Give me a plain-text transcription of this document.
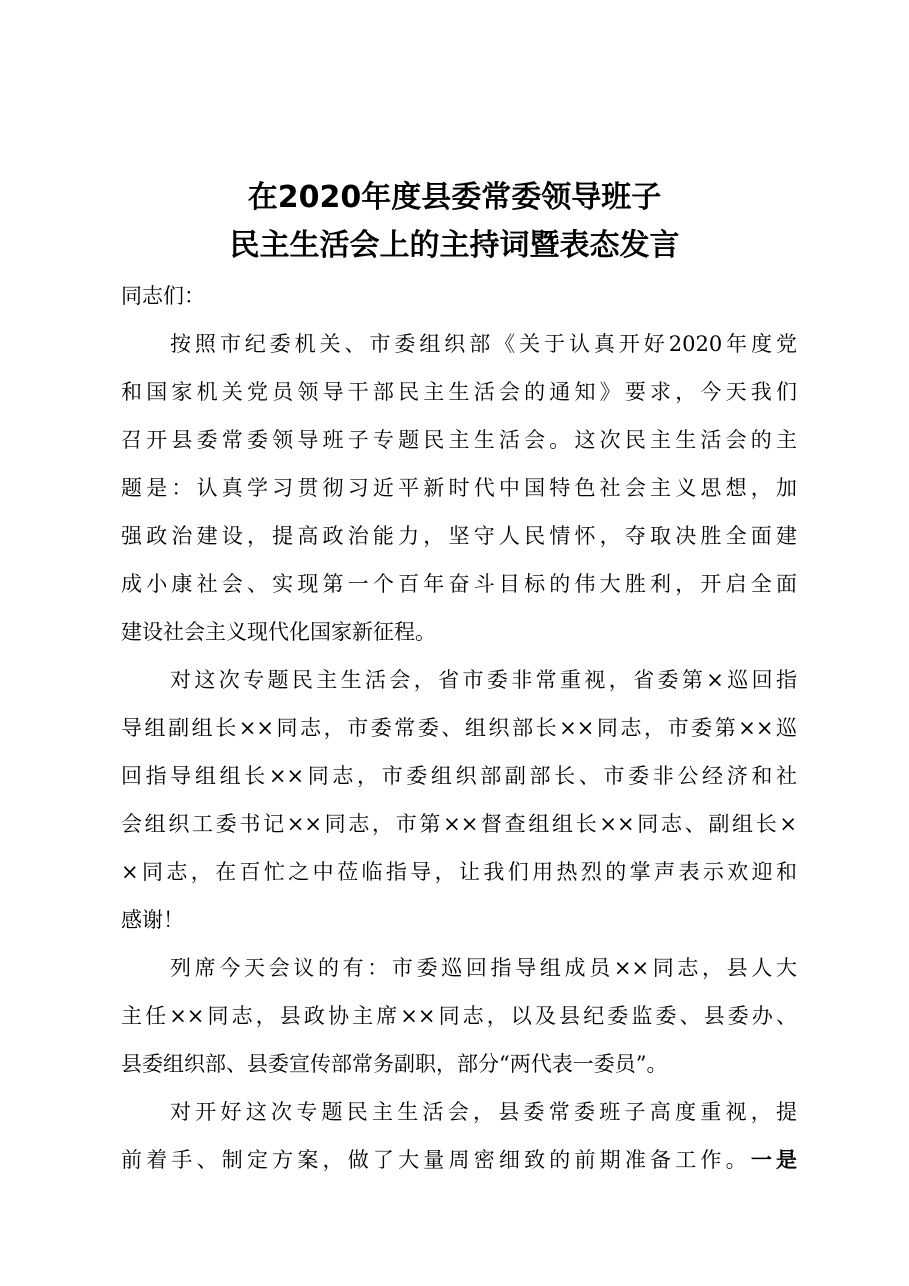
在2020年度县委常委领导班子
民主生活会上的主持词暨表态发言
同志们：
按照市纪委机关、市委组织部《关于认真开好2020年度党
和国家机关党员领导干部民主生活会的通知》要求，今天我们
召开县委常委领导班子专题民主生活会。这次民主生活会的主
题是：认真学习贯彻习近平新时代中国特色社会主义思想，加
强政治建设，提高政治能力，坚守人民情怀，夺取决胜全面建
成小康社会、实现第一个百年奋斗目标的伟大胜利，开启全面
建设社会主义现代化国家新征程。
对这次专题民主生活会，省市委非常重视，省委第×巡回指
导组副组长××同志，市委常委、组织部长××同志，市委第××巡
回指导组组长××同志，市委组织部副部长、市委非公经济和社
会组织工委书记××同志，市第××督查组组长××同志、副组长×
×同志，在百忙之中莅临指导，让我们用热烈的掌声表示欢迎和
感谢！
列席今天会议的有：市委巡回指导组成员××同志，县人大
主任××同志，县政协主席××同志，以及县纪委监委、县委办、
县委组织部、县委宣传部常务副职，部分“两代表一委员”。
对开好这次专题民主生活会，县委常委班子高度重视，提
前着手、制定方案，做了大量周密细致的前期准备工作。一是
